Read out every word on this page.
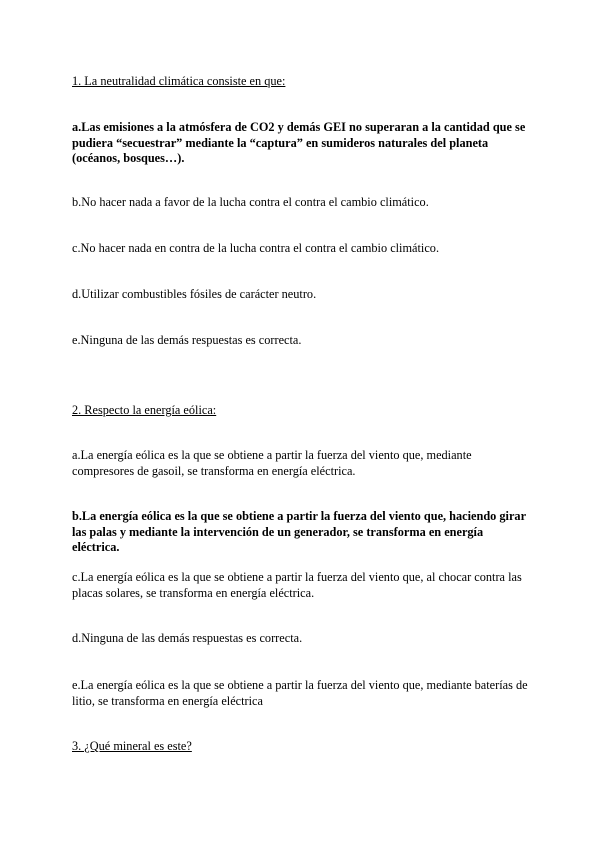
1. La neutralidad climática consiste en que:
a.Las emisiones a la atmósfera de CO2 y demás GEI no superaran a la cantidad que se pudiera “secuestrar” mediante la “captura” en sumideros naturales del planeta (océanos, bosques…).
b.No hacer nada a favor de la lucha contra el contra el cambio climático.
c.No hacer nada en contra de la lucha contra el contra el cambio climático.
d.Utilizar combustibles fósiles de carácter neutro.
e.Ninguna de las demás respuestas es correcta.
2. Respecto la energía eólica:
a.La energía eólica es la que se obtiene a partir la fuerza del viento que, mediante compresores de gasoil, se transforma en energía eléctrica.
b.La energía eólica es la que se obtiene a partir la fuerza del viento que, haciendo girar las palas y mediante la intervención de un generador, se transforma en energía eléctrica.
c.La energía eólica es la que se obtiene a partir la fuerza del viento que, al chocar contra las placas solares, se transforma en energía eléctrica.
d.Ninguna de las demás respuestas es correcta.
e.La energía eólica es la que se obtiene a partir la fuerza del viento que, mediante baterías de litio, se transforma en energía eléctrica
3. ¿Qué mineral es este?
